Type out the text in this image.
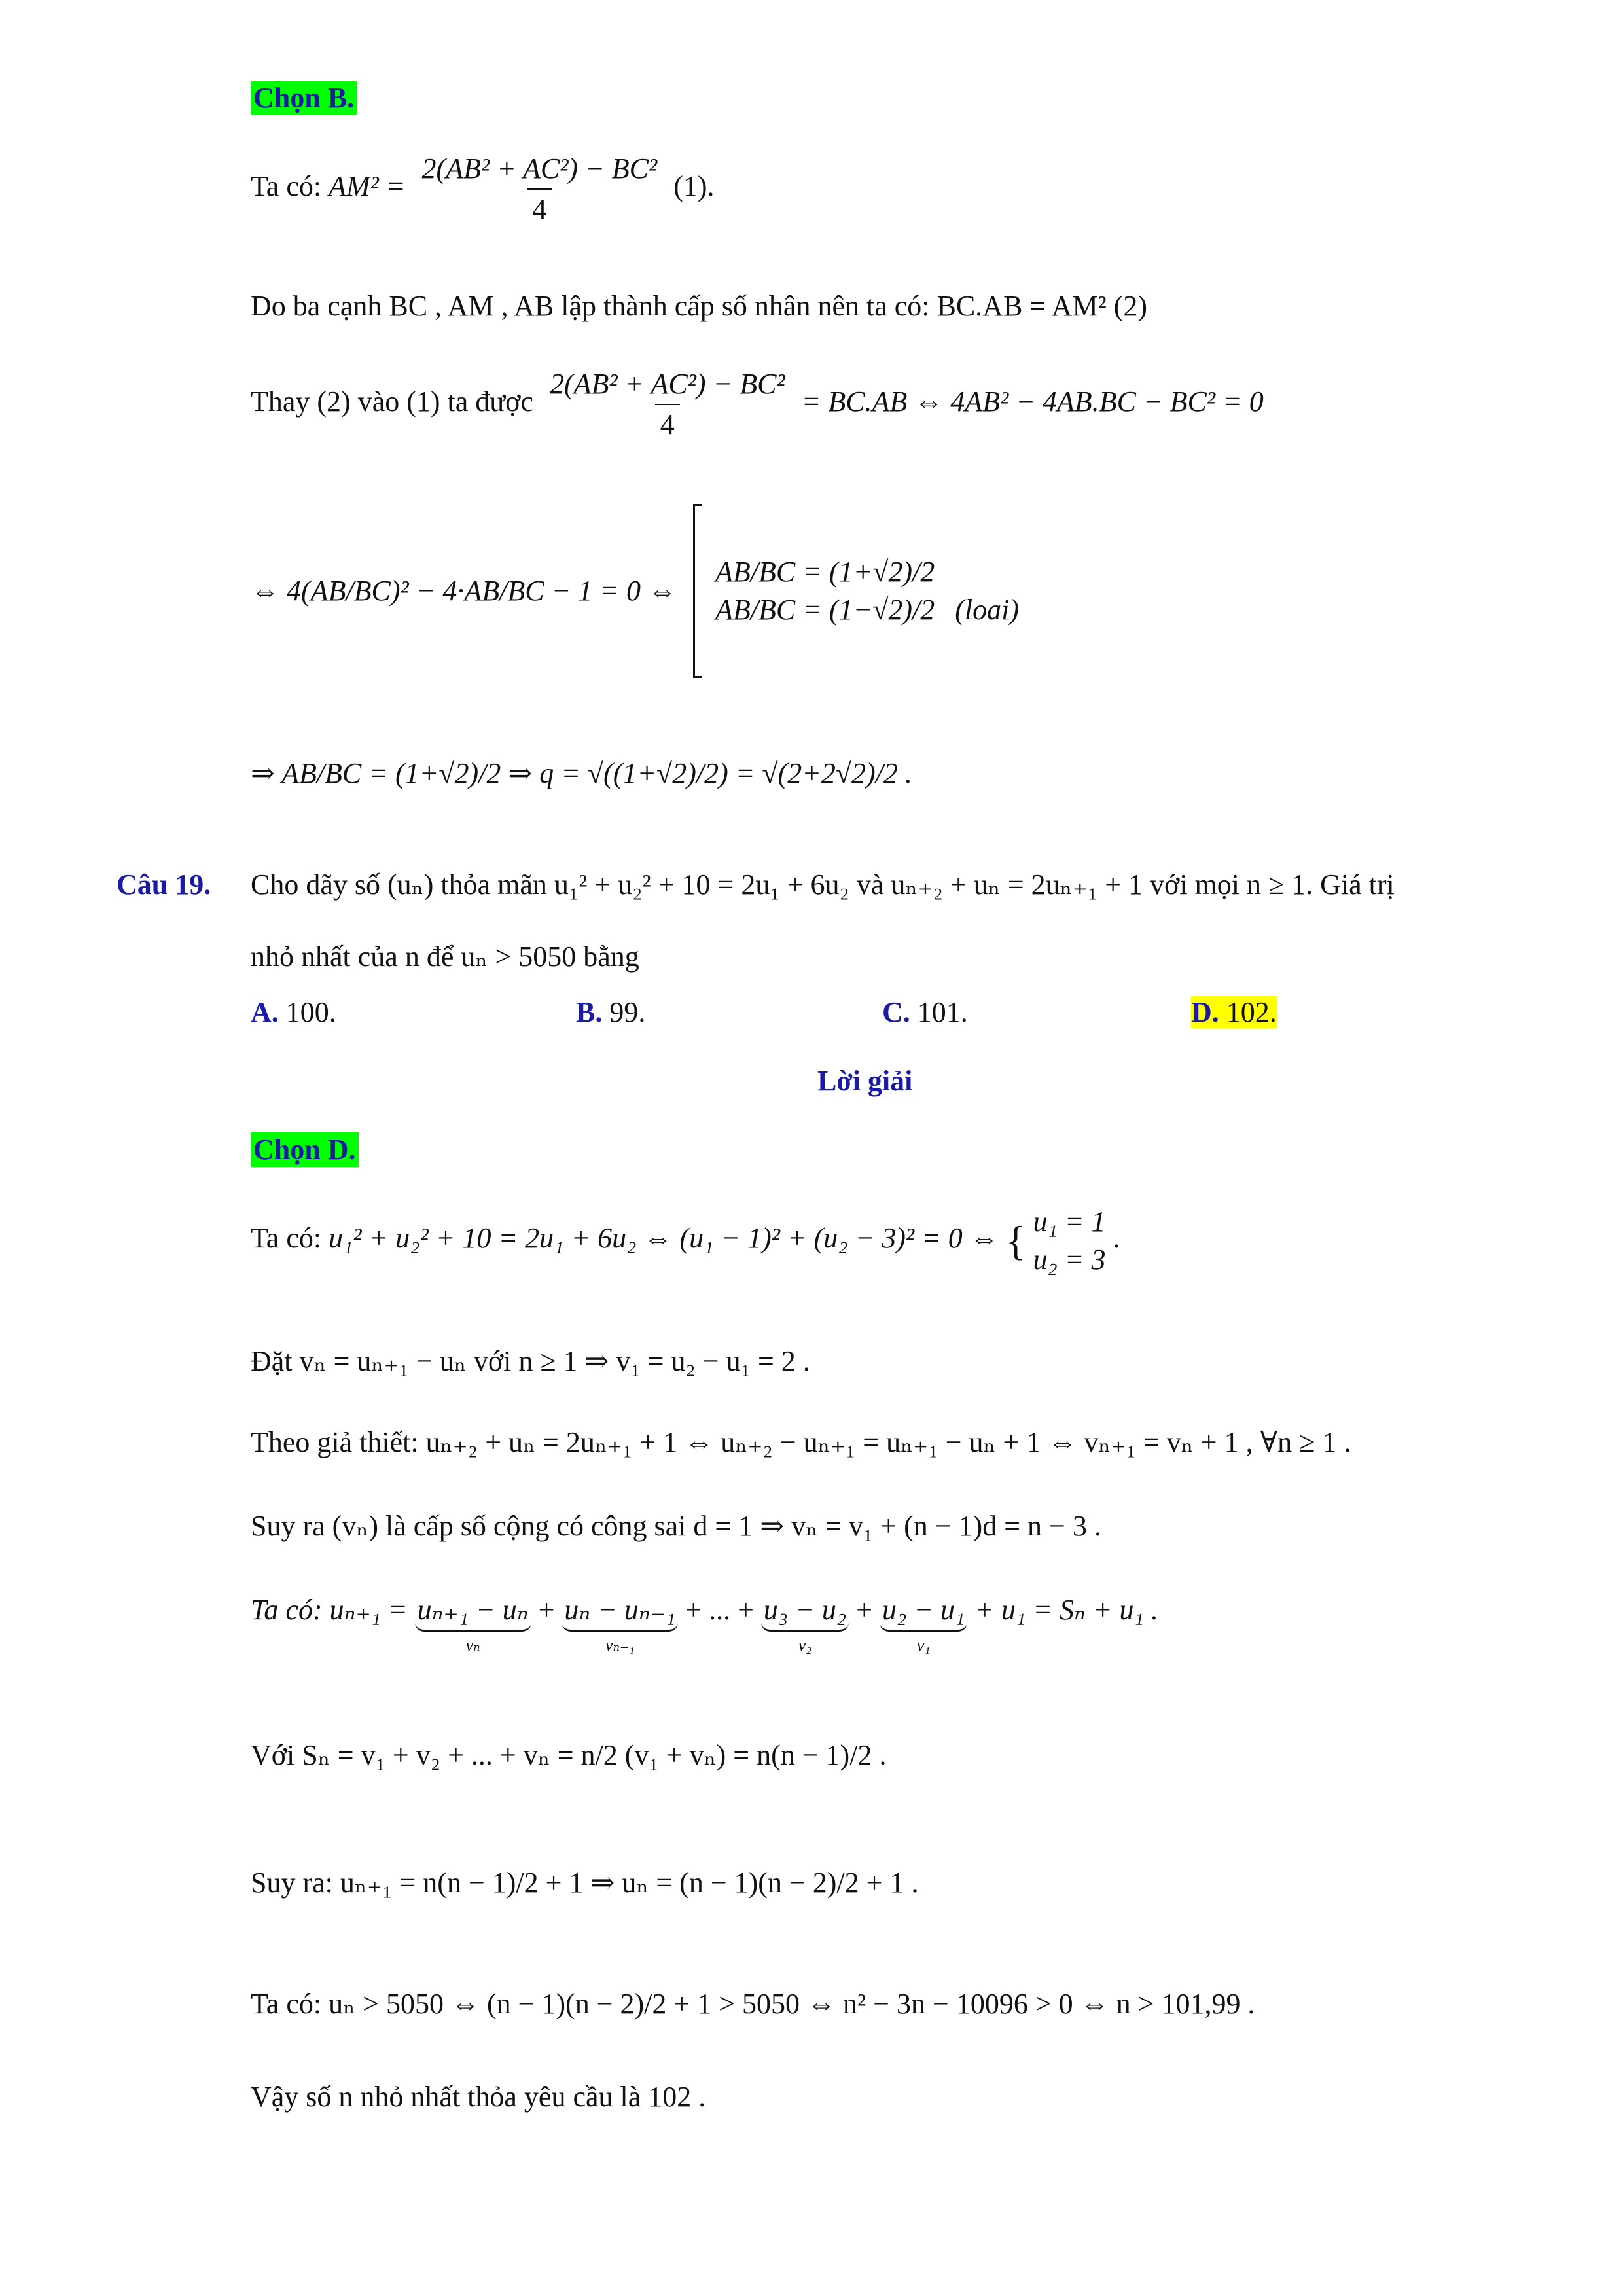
Chọn B.
Ta có: $AM^2 = \frac{\text{2(AB² + AC²) − BC²}}{4} (1)$.
Do ba cạnh BC , AM , AB lập thành cấp số nhân nên ta có: BC.AB = AM² (2)
Thay (2) vào (1) ta được $\frac{\text{2(AB² + AC²) − BC²}}{4} = BC.AB$ ⇔ 4AB² − 4AB.BC − BC² = 0
⇔ 4(AB/BC)² − 4·AB/BC − 1 = 0 ⇔
AB/BC = (1+√2)/2
AB/BC = (1−√2)/2 (loai)
⇒ AB/BC = (1+√2)/2 ⇒ q = √((1+√2)/2) = √(2+2√2)/2 .
Câu 19. Cho dãy số (uₙ) thỏa mãn u₁² + u₂² + 10 = 2u₁ + 6u₂ và uₙ₊₂ + uₙ = 2uₙ₊₁ + 1 với mọi n ≥ 1. Giá trị
nhỏ nhất của n để uₙ > 5050 bằng
A. 100.	B. 99.	C. 101.	D. 102.
Lời giải
Chọn D.
Ta có: u₁² + u₂² + 10 = 2u₁ + 6u₂ ⇔ (u₁ − 1)² + (u₂ − 3)² = 0 ⇔ { u₁ = 1
u₂ = 3
.
Đặt vₙ = uₙ₊₁ − uₙ với n ≥ 1 ⇒ v₁ = u₂ − u₁ = 2 .
Theo giả thiết: uₙ₊₂ + uₙ = 2uₙ₊₁ + 1 ⇔ uₙ₊₂ − uₙ₊₁ = uₙ₊₁ − uₙ + 1 ⇔ vₙ₊₁ = vₙ + 1 , ∀n ≥ 1 .
Suy ra (vₙ) là cấp số cộng có công sai d = 1 ⇒ vₙ = v₁ + (n − 1)d = n − 3 .
Ta có: uₙ₊₁ = uₙ₊₁ − uₙ
vₙ
+ uₙ − uₙ₋₁
vₙ₋₁
+ ... + u₃ − u₂
v₂
+ u₂ − u₁
v₁
+ u₁ = Sₙ + u₁ .
Với Sₙ = v₁ + v₂ + ... + vₙ = n/2 (v₁ + vₙ) = n(n − 1)/2 .
Suy ra: uₙ₊₁ = n(n − 1)/2 + 1 ⇒ uₙ = (n − 1)(n − 2)/2 + 1 .
Ta có: uₙ > 5050 ⇔ (n − 1)(n − 2)/2 + 1 > 5050 ⇔ n² − 3n − 10096 > 0 ⇔ n > 101,99 .
Vậy số n nhỏ nhất thỏa yêu cầu là 102 .
